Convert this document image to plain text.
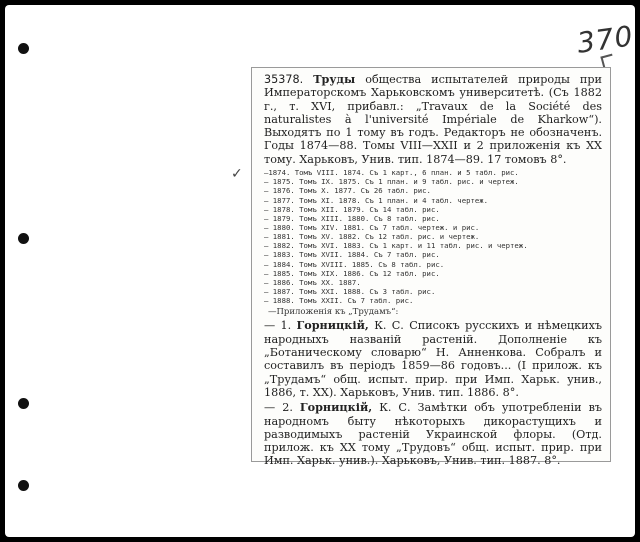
370
✓

35378. Труды общества испытателей природы при Императорскомъ Харьковскомъ университетѣ. (Съ 1882 г., т. XVI, прибавл.: „Travaux de la Société des naturalistes à l'université Impériale de Kharkow“). Выходятъ по 1 тому въ годъ. Редакторъ не обозначенъ. Годы 1874—88. Томы VIII—XXII и 2 приложенія къ XX тому. Харьковъ, Унив. тип. 1874—89. 17 томовъ 8°.

—1874. Томъ VIII. 1874. Съ 1 карт., 6 план. и 5 табл. рис.
— 1875. Томъ IX. 1875. Съ 1 план. и 9 табл. рис. и чертеж.
— 1876. Томъ X. 1877. Съ 26 табл. рис.
— 1877. Томъ XI. 1878. Съ 1 план. и 4 табл. чертеж.
— 1878. Томъ XII. 1879. Съ 14 табл. рис.
— 1879. Томъ XIII. 1880. Съ 8 табл. рис.
— 1880. Томъ XIV. 1881. Съ 7 табл. чертеж. и рис.
— 1881. Томъ XV. 1882. Съ 12 табл. рис. и чертеж.
— 1882. Томъ XVI. 1883. Съ 1 карт. и 11 табл. рис. и чертеж.
— 1883. Томъ XVII. 1884. Съ 7 табл. рис.
— 1884. Томъ XVIII. 1885. Съ 8 табл. рис.
— 1885. Томъ XIX. 1886. Съ 12 табл. рис.
— 1886. Томъ XX. 1887.
— 1887. Томъ XXI. 1888. Съ 3 табл. рис.
— 1888. Томъ XXII. Съ 7 табл. рис.
—Приложенія къ „Трудамъ“:

— 1. Горницкій, К. С. Списокъ русскихъ и нѣмецкихъ народныхъ названій растеній. Дополненіе къ „Ботаническому словарю“ Н. Анненкова. Собралъ и составилъ въ періодъ 1859—86 годовъ... (I прилож. къ „Трудамъ“ общ. испыт. прир. при Имп. Харьк. унив., 1886, т. XX). Харьковъ, Унив. тип. 1886. 8°.

— 2. Горницкій, К. С. Замѣтки объ употребленіи въ народномъ быту нѣкоторыхъ дикорастущихъ и разводимыхъ растеній Украинской флоры. (Отд. прилож. къ XX тому „Трудовъ“ общ. испыт. прир. при Имп. Харьк. унив.). Харьковъ, Унив. тип. 1887. 8°.
